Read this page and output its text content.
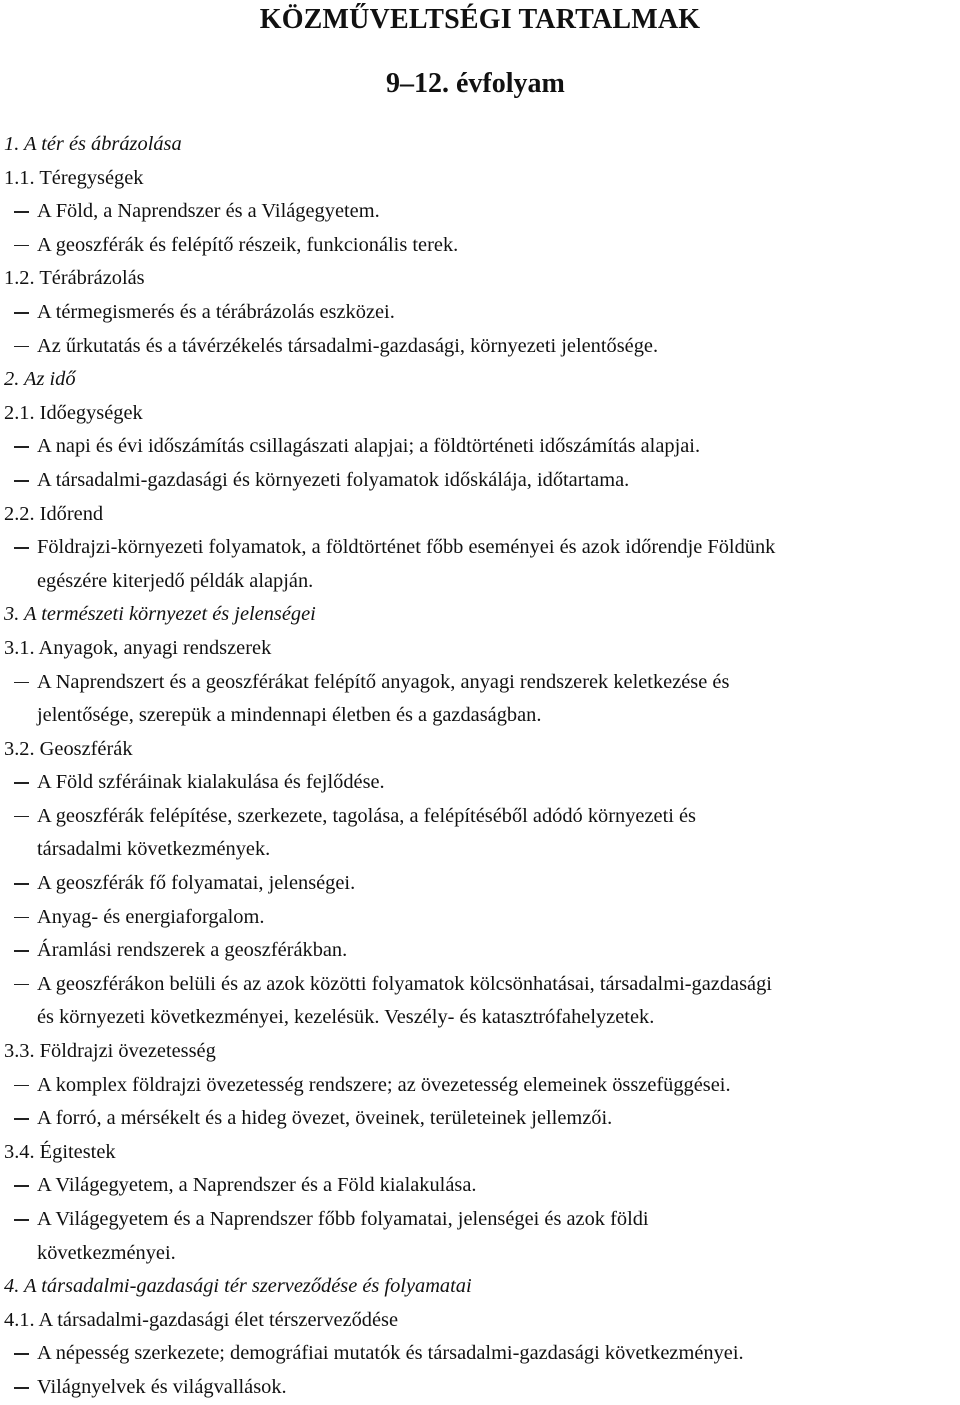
KÖZMŰVELTSÉGI TARTALMAK
9–12. évfolyam
1. A tér és ábrázolása
1.1. Téregységek
A Föld, a Naprendszer és a Világegyetem.
A geoszférák és felépítő részeik, funkcionális terek.
1.2. Térábrázolás
A térmegismerés és a térábrázolás eszközei.
Az űrkutatás és a távérzékelés társadalmi-gazdasági, környezeti jelentősége.
2. Az idő
2.1. Időegységek
A napi és évi időszámítás csillagászati alapjai; a földtörténeti időszámítás alapjai.
A társadalmi-gazdasági és környezeti folyamatok időskálája, időtartama.
2.2. Időrend
Földrajzi-környezeti folyamatok, a földtörténet főbb eseményei és azok időrendje Földünk
egészére kiterjedő példák alapján.
3. A természeti környezet és jelenségei
3.1. Anyagok, anyagi rendszerek
A Naprendszert és a geoszférákat felépítő anyagok, anyagi rendszerek keletkezése és
jelentősége, szerepük a mindennapi életben és a gazdaságban.
3.2. Geoszférák
A Föld szféráinak kialakulása és fejlődése.
A geoszférák felépítése, szerkezete, tagolása, a felépítéséből adódó környezeti és
társadalmi következmények.
A geoszférák fő folyamatai, jelenségei.
Anyag- és energiaforgalom.
Áramlási rendszerek a geoszférákban.
A geoszférákon belüli és az azok közötti folyamatok kölcsönhatásai, társadalmi-gazdasági
és környezeti következményei, kezelésük. Veszély- és katasztrófahelyzetek.
3.3. Földrajzi övezetesség
A komplex földrajzi övezetesség rendszere; az övezetesség elemeinek összefüggései.
A forró, a mérsékelt és a hideg övezet, öveinek, területeinek jellemzői.
3.4. Égitestek
A Világegyetem, a Naprendszer és a Föld kialakulása.
A Világegyetem és a Naprendszer főbb folyamatai, jelenségei és azok földi
következményei.
4. A társadalmi-gazdasági tér szerveződése és folyamatai
4.1. A társadalmi-gazdasági élet térszerveződése
A népesség szerkezete; demográfiai mutatók és társadalmi-gazdasági következményei.
Világnyelvek és világvallások.
